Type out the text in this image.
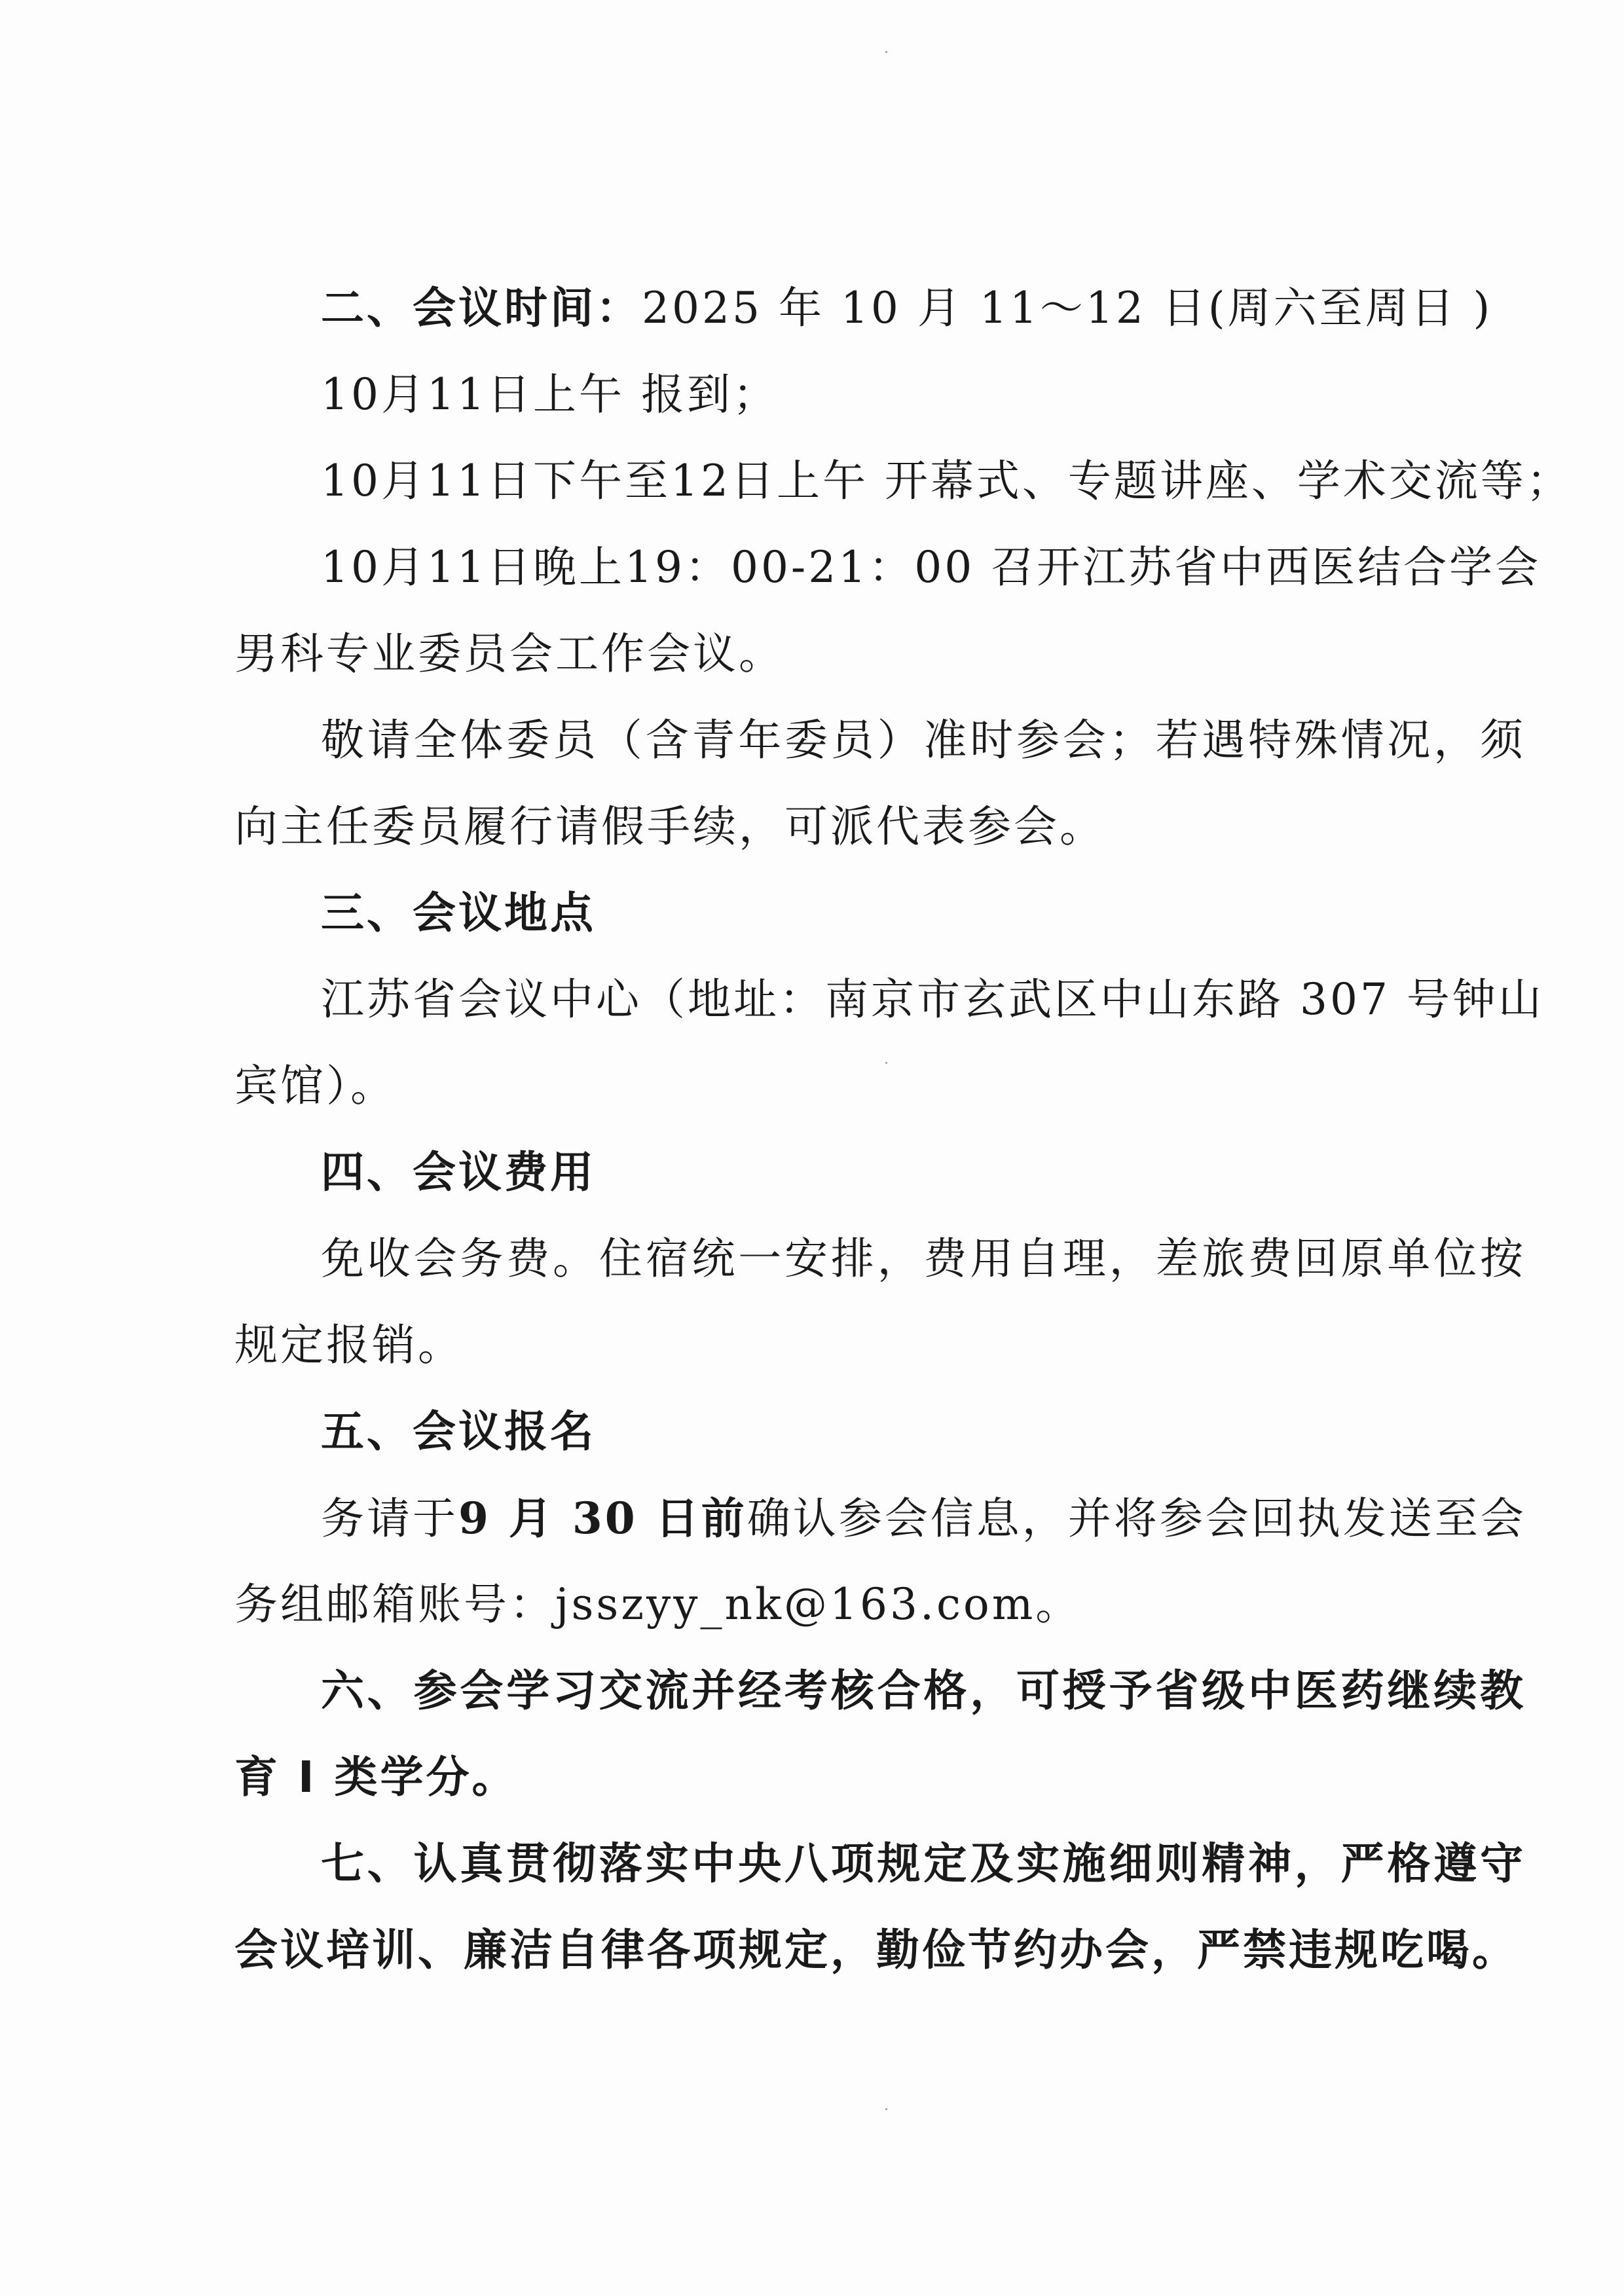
二、会议时间：2025 年 10 月 11～12 日(周六至周日 )
10月11日上午 报到；
10月11日下午至12日上午 开幕式、专题讲座、学术交流等；
10月11日晚上19：00-21：00 召开江苏省中西医结合学会
男科专业委员会工作会议。
敬请全体委员（含青年委员）准时参会；若遇特殊情况，须
向主任委员履行请假手续，可派代表参会。
三、会议地点
江苏省会议中心（地址：南京市玄武区中山东路 307 号钟山
宾馆）。
四、会议费用
免收会务费。住宿统一安排，费用自理，差旅费回原单位按
规定报销。
五、会议报名
务请于9 月 30 日前确认参会信息，并将参会回执发送至会
务组邮箱账号：jsszyy_nk@163.com。
六、参会学习交流并经考核合格，可授予省级中医药继续教
育 I 类学分。
七、认真贯彻落实中央八项规定及实施细则精神，严格遵守
会议培训、廉洁自律各项规定，勤俭节约办会，严禁违规吃喝。
